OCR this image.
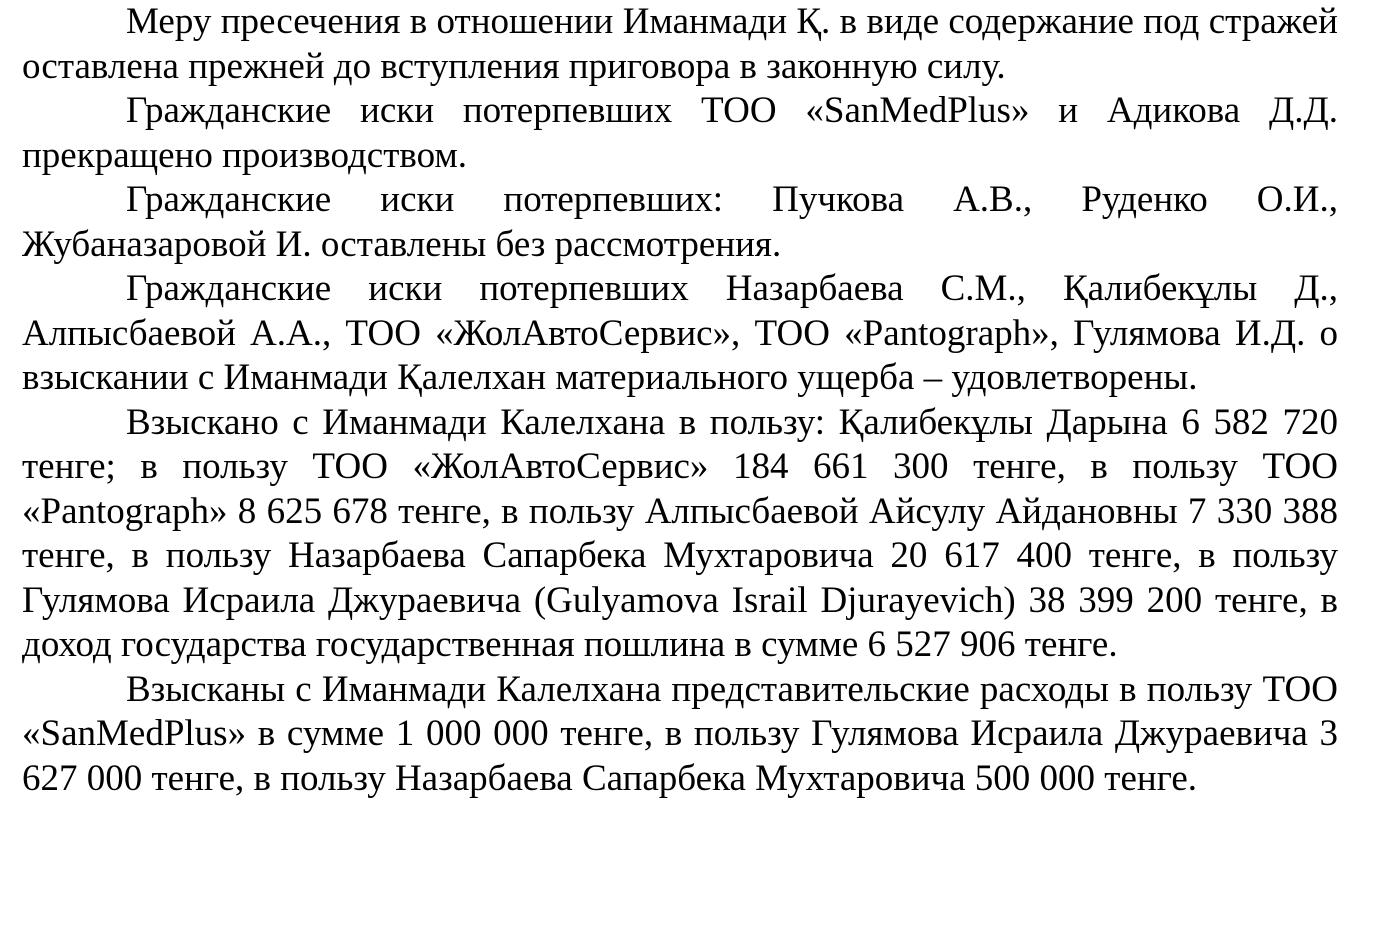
Меру пресечения в отношении Иманмади Қ. в виде содержание под стражей оставлена прежней до вступления приговора в законную силу.

Гражданские иски потерпевших ТОО «SanMedPlus» и Адикова Д.Д. прекращено производством.

Гражданские иски потерпевших: Пучкова А.В., Руденко О.И., Жубаназаровой И. оставлены без рассмотрения.

Гражданские иски потерпевших Назарбаева С.М., Қалибекұлы Д., Алпысбаевой А.А., ТОО «ЖолАвтоСервис», ТОО «Pantograph», Гулямова И.Д. о взыскании с Иманмади Қалелхан материального ущерба – удовлетворены.

Взыскано с Иманмади Калелхана в пользу: Қалибекұлы Дарына 6 582 720 тенге; в пользу ТОО «ЖолАвтоСервис» 184 661 300 тенге, в пользу ТОО «Pantograph» 8 625 678 тенге, в пользу Алпысбаевой Айсулу Айдановны 7 330 388 тенге, в пользу Назарбаева Сапарбека Мухтаровича 20 617 400 тенге, в пользу Гулямова Исраила Джураевича (Gulyamova Israil Djurayevich) 38 399 200 тенге, в доход государства государственная пошлина в сумме 6 527 906 тенге.

Взысканы с Иманмади Калелхана представительские расходы в пользу ТОО «SanMedPlus» в сумме 1 000 000 тенге, в пользу Гулямова Исраила Джураевича 3 627 000 тенге, в пользу Назарбаева Сапарбека Мухтаровича 500 000 тенге.
